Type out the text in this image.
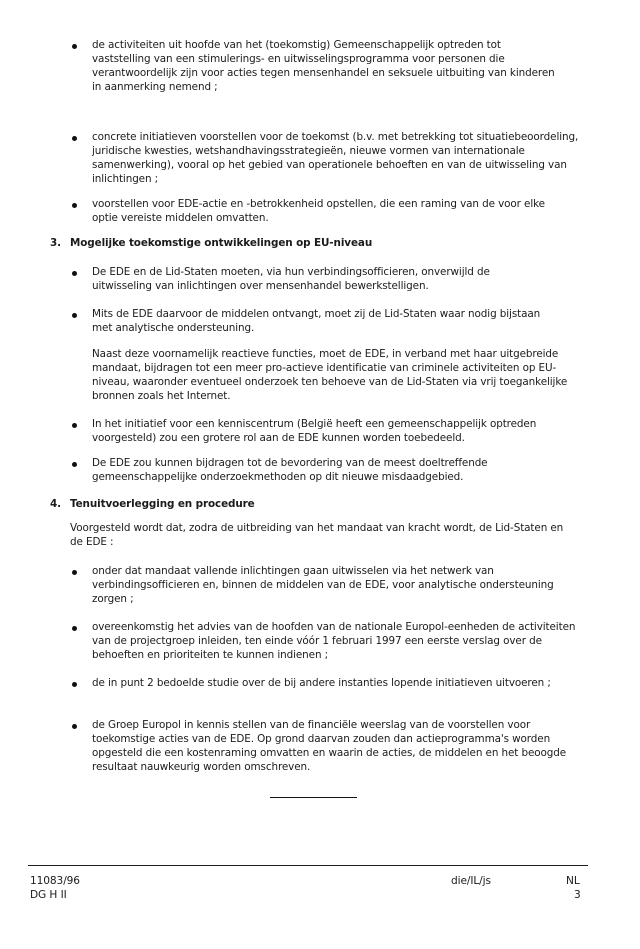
de activiteiten uit hoofde van het (toekomstig) Gemeenschappelijk optreden tot vaststelling van een stimulerings- en uitwisselingsprogramma voor personen die verantwoordelijk zijn voor acties tegen mensenhandel en seksuele uitbuiting van kinderen in aanmerking nemend ;

concrete initiatieven voorstellen voor de toekomst (b.v. met betrekking tot situatiebeoordeling, juridische kwesties, wetshandhavingsstrategieën, nieuwe vormen van internationale samenwerking), vooral op het gebied van operationele behoeften en van de uitwisseling van inlichtingen ;

voorstellen voor EDE-actie en -betrokkenheid opstellen, die een raming van de voor elke optie vereiste middelen omvatten.

3. Mogelijke toekomstige ontwikkelingen op EU-niveau

De EDE en de Lid-Staten moeten, via hun verbindingsofficieren, onverwijld de uitwisseling van inlichtingen over mensenhandel bewerkstelligen.

Mits de EDE daarvoor de middelen ontvangt, moet zij de Lid-Staten waar nodig bijstaan met analytische ondersteuning.

Naast deze voornamelijk reactieve functies, moet de EDE, in verband met haar uitgebreide mandaat, bijdragen tot een meer pro-actieve identificatie van criminele activiteiten op EU-niveau, waaronder eventueel onderzoek ten behoeve van de Lid-Staten via vrij toegankelijke bronnen zoals het Internet.

In het initiatief voor een kenniscentrum (België heeft een gemeenschappelijk optreden voorgesteld) zou een grotere rol aan de EDE kunnen worden toebedeeld.

De EDE zou kunnen bijdragen tot de bevordering van de meest doeltreffende gemeenschappelijke onderzoekmethoden op dit nieuwe misdaadgebied.

4. Tenuitvoerlegging en procedure

Voorgesteld wordt dat, zodra de uitbreiding van het mandaat van kracht wordt, de Lid-Staten en de EDE :

onder dat mandaat vallende inlichtingen gaan uitwisselen via het netwerk van verbindingsofficieren en, binnen de middelen van de EDE, voor analytische ondersteuning zorgen ;

overeenkomstig het advies van de hoofden van de nationale Europol-eenheden de activiteiten van de projectgroep inleiden, ten einde vóór 1 februari 1997 een eerste verslag over de behoeften en prioriteiten te kunnen indienen ;

de in punt 2 bedoelde studie over de bij andere instanties lopende initiatieven uitvoeren ;

de Groep Europol in kennis stellen van de financiële weerslag van de voorstellen voor toekomstige acties van de EDE. Op grond daarvan zouden dan actieprogramma's worden opgesteld die een kostenraming omvatten en waarin de acties, de middelen en het beoogde resultaat nauwkeurig worden omschreven.

11083/96
DG H II
die/IL/js	NL
3
